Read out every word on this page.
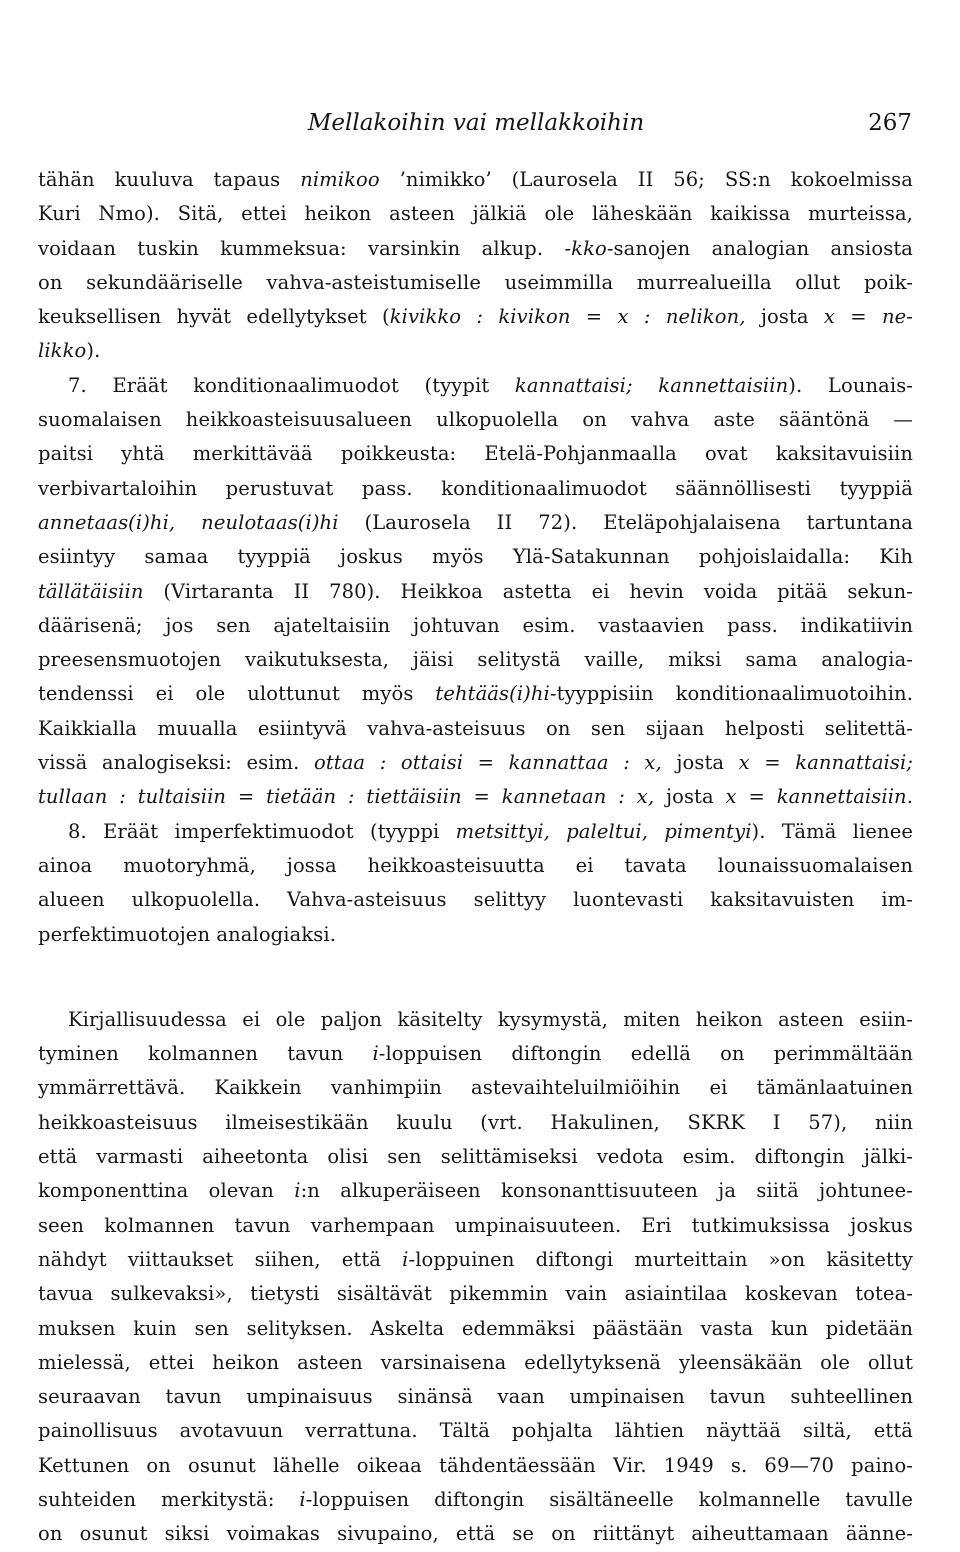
Mellakoihin vai mellakkoihin	267
tähän kuuluva tapaus nimikoo ’nimikko’ (Laurosela II 56; SS:n kokoelmissa
Kuri Nmo). Sitä, ettei heikon asteen jälkiä ole läheskään kaikissa murteissa,
voidaan tuskin kummeksua: varsinkin alkup. -kko-sanojen analogian ansiosta
on sekundääriselle vahva-asteistumiselle useimmilla murrealueilla ollut poik-
keuksellisen hyvät edellytykset (kivikko : kivikon = x : nelikon, josta x = ne-
likko).
7. Eräät konditionaalimuodot (tyypit kannattaisi; kannettaisiin). Lounais-
suomalaisen heikkoasteisuusalueen ulkopuolella on vahva aste sääntönä —
paitsi yhtä merkittävää poikkeusta: Etelä-Pohjanmaalla ovat kaksitavuisiin
verbivartaloihin perustuvat pass. konditionaalimuodot säännöllisesti tyyppiä
annetaas(i)hi, neulotaas(i)hi (Laurosela II 72). Eteläpohjalaisena tartuntana
esiintyy samaa tyyppiä joskus myös Ylä-Satakunnan pohjoislaidalla: Kih
tällätäisiin (Virtaranta II 780). Heikkoa astetta ei hevin voida pitää sekun-
däärisenä; jos sen ajateltaisiin johtuvan esim. vastaavien pass. indikatiivin
preesensmuotojen vaikutuksesta, jäisi selitystä vaille, miksi sama analogia-
tendenssi ei ole ulottunut myös tehtääs(i)hi-tyyppisiin konditionaalimuotoihin.
Kaikkialla muualla esiintyvä vahva-asteisuus on sen sijaan helposti selitettä-
vissä analogiseksi: esim. ottaa : ottaisi = kannattaa : x, josta x = kannattaisi;
tullaan : tultaisiin = tietään : tiettäisiin = kannetaan : x, josta x = kannettaisiin.
8. Eräät imperfektimuodot (tyyppi metsittyi, paleltui, pimentyi). Tämä lienee
ainoa muotoryhmä, jossa heikkoasteisuutta ei tavata lounaissuomalaisen
alueen ulkopuolella. Vahva-asteisuus selittyy luontevasti kaksitavuisten im-
perfektimuotojen analogiaksi.
Kirjallisuudessa ei ole paljon käsitelty kysymystä, miten heikon asteen esiin-
tyminen kolmannen tavun i-loppuisen diftongin edellä on perimmältään
ymmärrettävä. Kaikkein vanhimpiin astevaihteluilmiöihin ei tämänlaatuinen
heikkoasteisuus ilmeisestikään kuulu (vrt. Hakulinen, SKRK I 57), niin
että varmasti aiheetonta olisi sen selittämiseksi vedota esim. diftongin jälki-
komponenttina olevan i:n alkuperäiseen konsonanttisuuteen ja siitä johtunee-
seen kolmannen tavun varhempaan umpinaisuuteen. Eri tutkimuksissa joskus
nähdyt viittaukset siihen, että i-loppuinen diftongi murteittain »on käsitetty
tavua sulkevaksi», tietysti sisältävät pikemmin vain asiaintilaa koskevan totea-
muksen kuin sen selityksen. Askelta edemmäksi päästään vasta kun pidetään
mielessä, ettei heikon asteen varsinaisena edellytyksenä yleensäkään ole ollut
seuraavan tavun umpinaisuus sinänsä vaan umpinaisen tavun suhteellinen
painollisuus avotavuun verrattuna. Tältä pohjalta lähtien näyttää siltä, että
Kettunen on osunut lähelle oikeaa tähdentäessään Vir. 1949 s. 69—70 paino-
suhteiden merkitystä: i-loppuisen diftongin sisältäneelle kolmannelle tavulle
on osunut siksi voimakas sivupaino, että se on riittänyt aiheuttamaan äänne-
